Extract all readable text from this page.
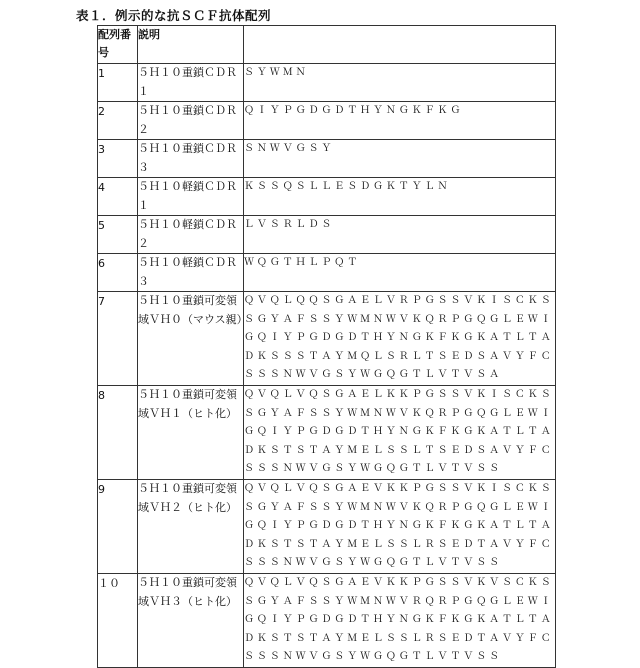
表１．例示的な抗ＳＣＦ抗体配列
配列番号	説明	
1	５Ｈ１０重鎖ＣＤＲ１	ＳＹＷＭＮ
2	５Ｈ１０重鎖ＣＤＲ２	ＱＩＹＰＧＤＧＤＴＨＹＮＧＫＦＫＧ
3	５Ｈ１０重鎖ＣＤＲ３	ＳＮＷＶＧＳＹ
4	５Ｈ１０軽鎖ＣＤＲ１	ＫＳＳＱＳＬＬＥＳＤＧＫＴＹＬＮ
5	５Ｈ１０軽鎖ＣＤＲ２	ＬＶＳＲＬＤＳ
6	５Ｈ１０軽鎖ＣＤＲ３	ＷＱＧＴＨＬＰＱＴ
7	５Ｈ１０重鎖可変領域ＶＨ０（マウス親）	ＱＶＱＬＱＱＳＧＡＥＬＶＲＰＧＳＳＶＫＩＳＣＫＳＳＧＹＡＦＳＳＹＷＭＮＷＶＫＱＲＰＧＱＧＬＥＷＩＧＱＩＹＰＧＤＧＤＴＨＹＮＧＫＦＫＧＫＡＴＬＴＡＤＫＳＳＳＴＡＹＭＱＬＳＲＬＴＳＥＤＳＡＶＹＦＣＳＳＳＮＷＶＧＳＹＷＧＱＧＴＬＶＴＶＳＡ
8	５Ｈ１０重鎖可変領域ＶＨ１（ヒト化）	ＱＶＱＬＶＱＳＧＡＥＬＫＫＰＧＳＳＶＫＩＳＣＫＳＳＧＹＡＦＳＳＹＷＭＮＷＶＫＱＲＰＧＱＧＬＥＷＩＧＱＩＹＰＧＤＧＤＴＨＹＮＧＫＦＫＧＫＡＴＬＴＡＤＫＳＴＳＴＡＹＭＥＬＳＳＬＴＳＥＤＳＡＶＹＦＣＳＳＳＮＷＶＧＳＹＷＧＱＧＴＬＶＴＶＳＳ
9	５Ｈ１０重鎖可変領域ＶＨ２（ヒト化）	ＱＶＱＬＶＱＳＧＡＥＶＫＫＰＧＳＳＶＫＩＳＣＫＳＳＧＹＡＦＳＳＹＷＭＮＷＶＫＱＲＰＧＱＧＬＥＷＩＧＱＩＹＰＧＤＧＤＴＨＹＮＧＫＦＫＧＫＡＴＬＴＡＤＫＳＴＳＴＡＹＭＥＬＳＳＬＲＳＥＤＴＡＶＹＦＣＳＳＳＮＷＶＧＳＹＷＧＱＧＴＬＶＴＶＳＳ
１０	５Ｈ１０重鎖可変領域ＶＨ３（ヒト化）	ＱＶＱＬＶＱＳＧＡＥＶＫＫＰＧＳＳＶＫＶＳＣＫＳＳＧＹＡＦＳＳＹＷＭＮＷＶＲＱＲＰＧＱＧＬＥＷＩＧＱＩＹＰＧＤＧＤＴＨＹＮＧＫＦＫＧＫＡＴＬＴＡＤＫＳＴＳＴＡＹＭＥＬＳＳＬＲＳＥＤＴＡＶＹＦＣＳＳＳＮＷＶＧＳＹＷＧＱＧＴＬＶＴＶＳＳ
